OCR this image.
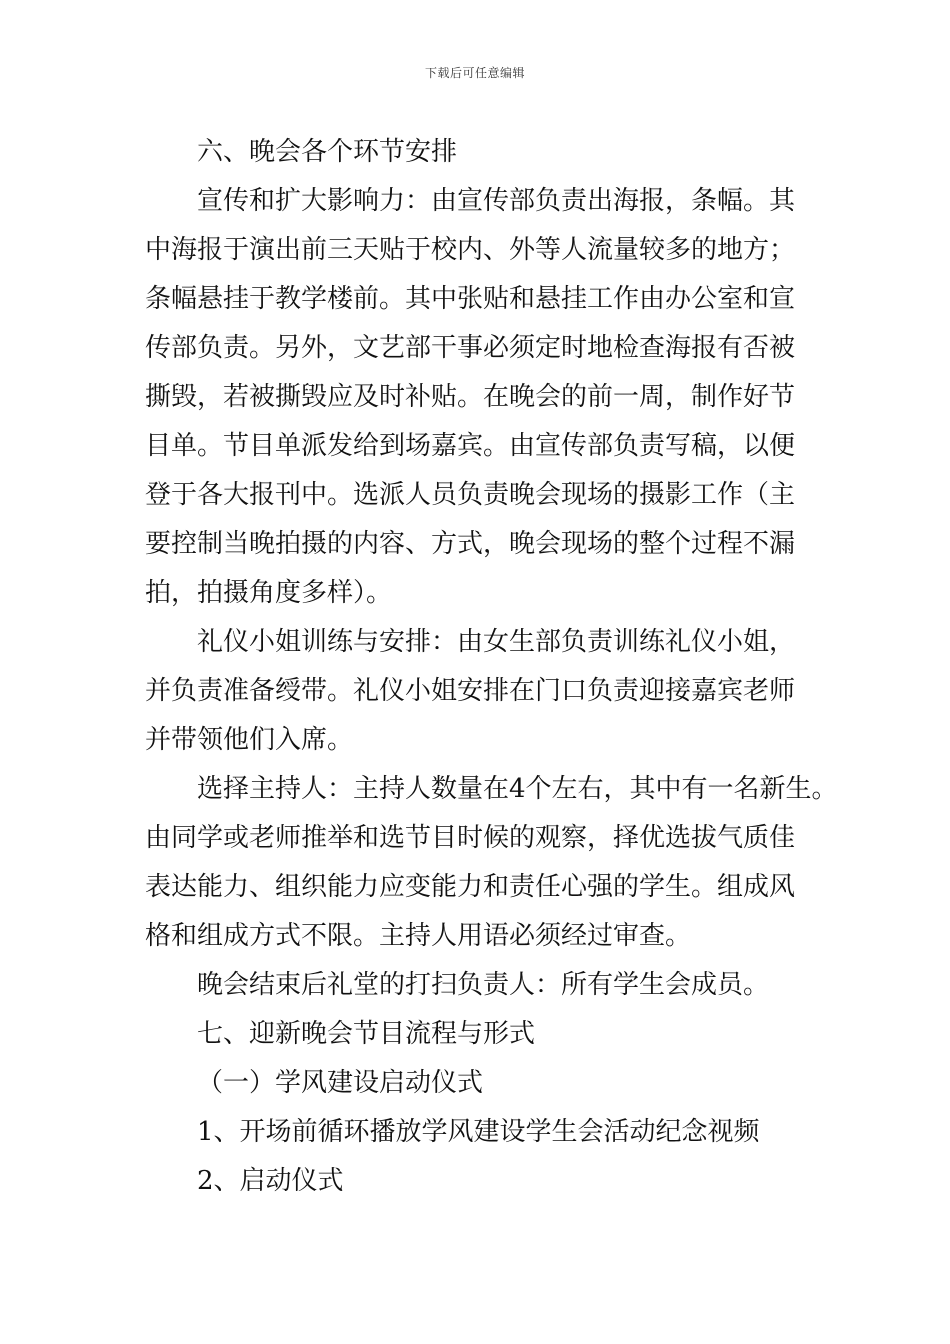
下载后可任意编辑
六、晚会各个环节安排
宣传和扩大影响力：由宣传部负责出海报，条幅。其
中海报于演出前三天贴于校内、外等人流量较多的地方；
条幅悬挂于教学楼前。其中张贴和悬挂工作由办公室和宣
传部负责。另外，文艺部干事必须定时地检查海报有否被
撕毁，若被撕毁应及时补贴。在晚会的前一周，制作好节
目单。节目单派发给到场嘉宾。由宣传部负责写稿，以便
登于各大报刊中。选派人员负责晚会现场的摄影工作（主
要控制当晚拍摄的内容、方式，晚会现场的整个过程不漏
拍，拍摄角度多样）。
礼仪小姐训练与安排：由女生部负责训练礼仪小姐，
并负责准备绶带。礼仪小姐安排在门口负责迎接嘉宾老师
并带领他们入席。
选择主持人：主持人数量在4个左右，其中有一名新生。
由同学或老师推举和选节目时候的观察，择优选拔气质佳
表达能力、组织能力应变能力和责任心强的学生。组成风
格和组成方式不限。主持人用语必须经过审查。
晚会结束后礼堂的打扫负责人：所有学生会成员。
七、迎新晚会节目流程与形式
（一）学风建设启动仪式
1、开场前循环播放学风建设学生会活动纪念视频
2、启动仪式
